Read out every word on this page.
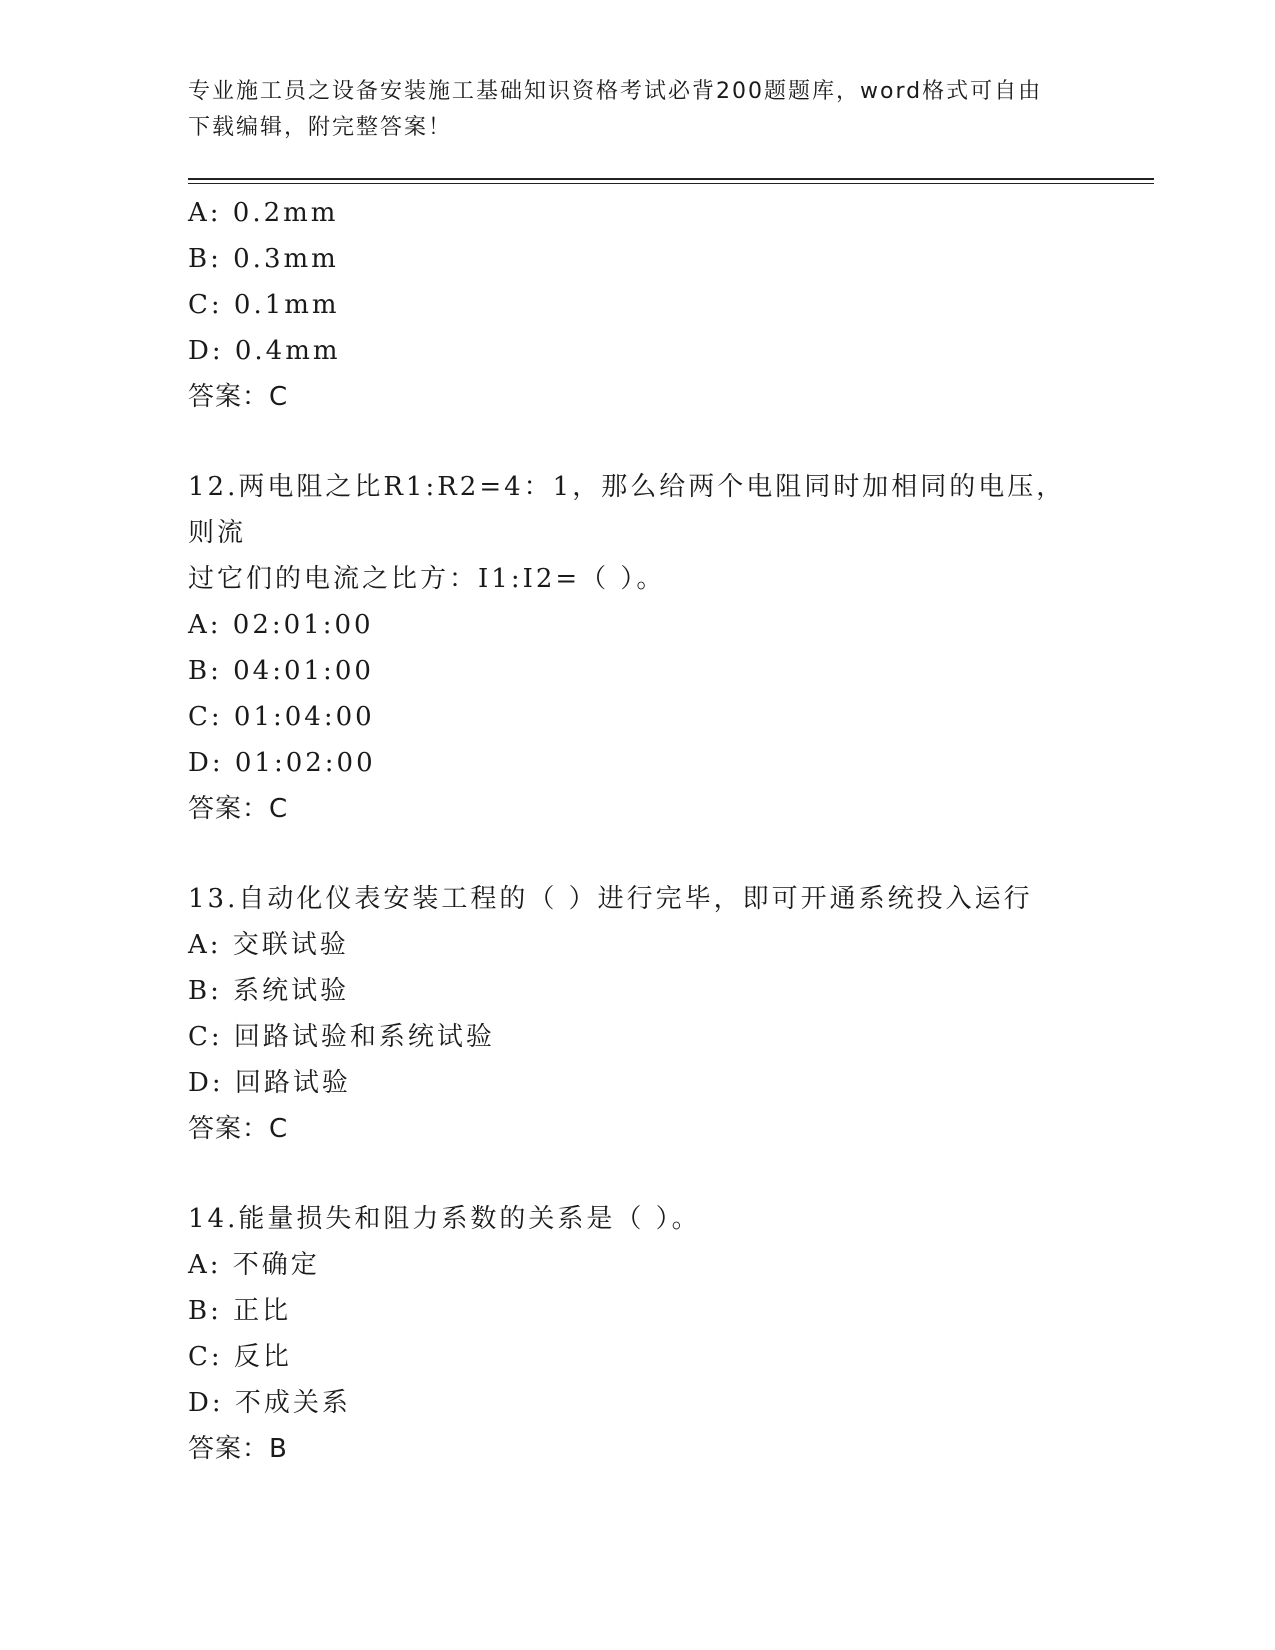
专业施工员之设备安装施工基础知识资格考试必背200题题库，word格式可自由
下载编辑，附完整答案！
A: 0.2mm
B: 0.3mm
C: 0.1mm
D: 0.4mm
答案：C
12.两电阻之比R1:R2=4：1，那么给两个电阻同时加相同的电压，则流
过它们的电流之比方：I1:I2=（ ）。
A: 02:01:00
B: 04:01:00
C: 01:04:00
D: 01:02:00
答案：C
13.自动化仪表安装工程的（ ）进行完毕，即可开通系统投入运行
A: 交联试验
B: 系统试验
C: 回路试验和系统试验
D: 回路试验
答案：C
14.能量损失和阻力系数的关系是（ ）。
A: 不确定
B: 正比
C: 反比
D: 不成关系
答案：B
